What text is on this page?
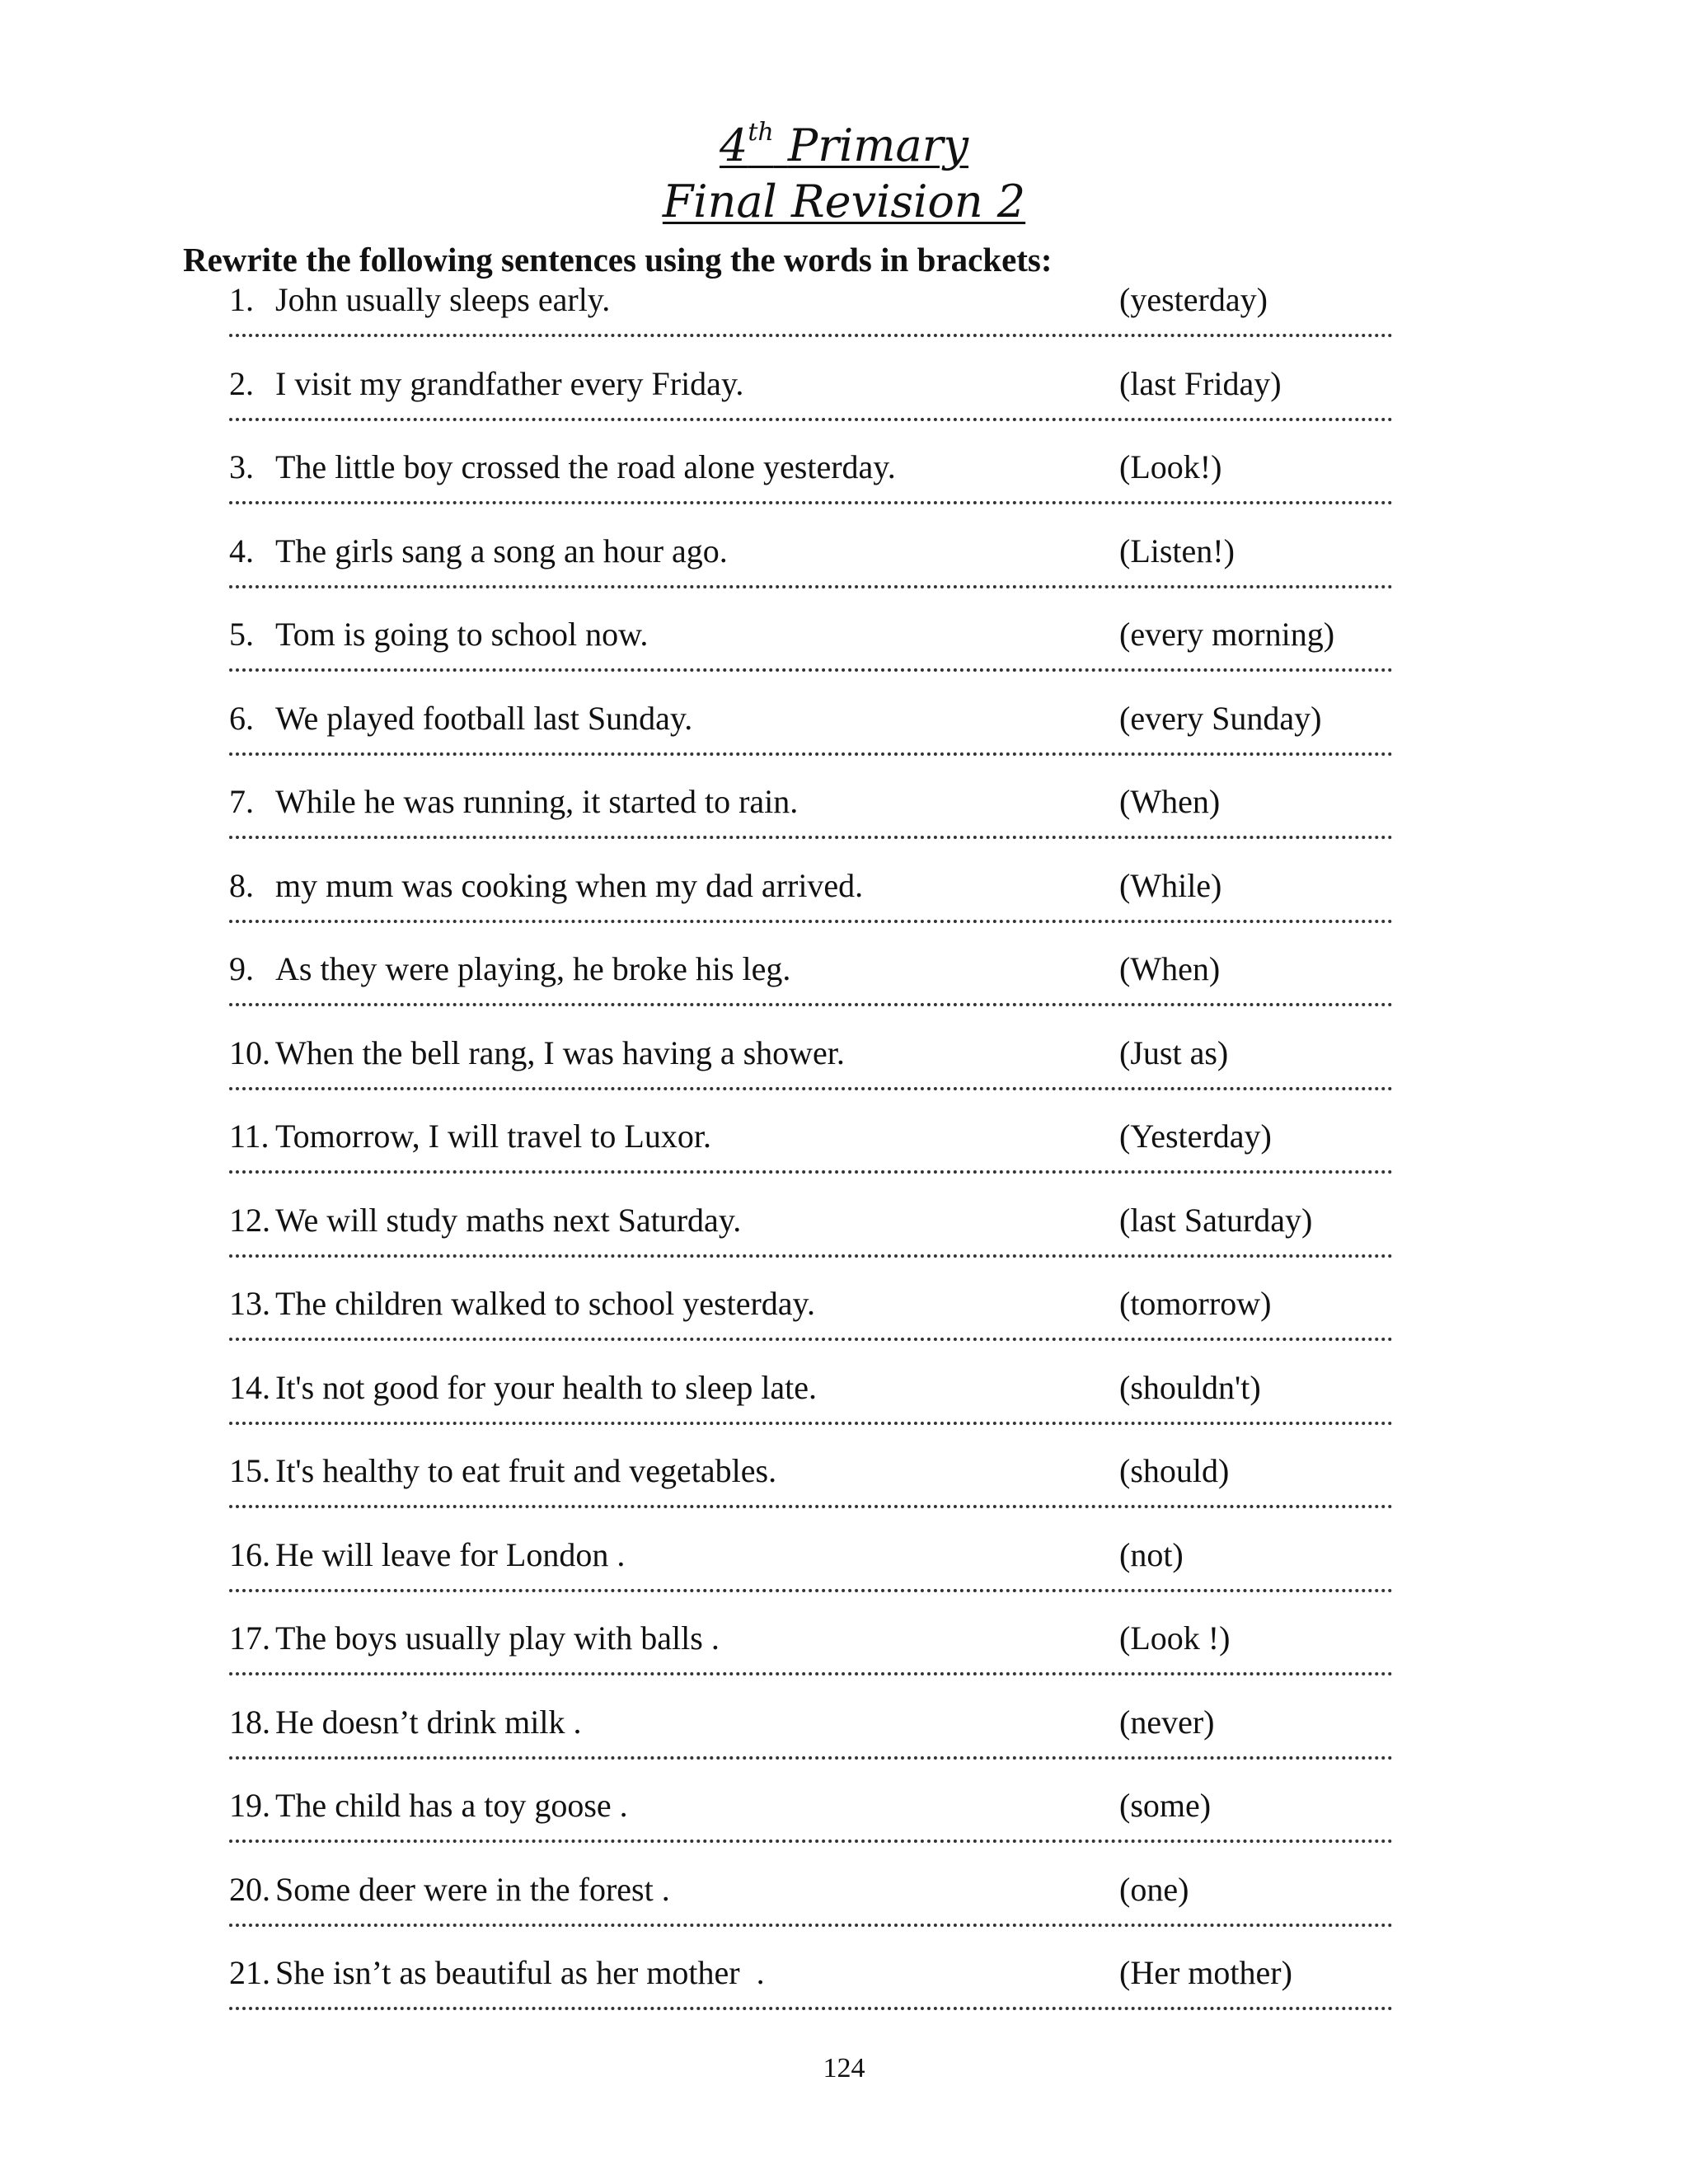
4th Primary
Final Revision 2
Rewrite the following sentences using the words in brackets:
1. John usually sleeps early.	(yesterday)
2. I visit my grandfather every Friday.	(last Friday)
3. The little boy crossed the road alone yesterday.	(Look!)
4. The girls sang a song an hour ago.	(Listen!)
5. Tom is going to school now.	(every morning)
6. We played football last Sunday.	(every Sunday)
7. While he was running, it started to rain.	(When)
8. my mum was cooking when my dad arrived.	(While)
9. As they were playing, he broke his leg.	(When)
10. When the bell rang, I was having a shower.	(Just as)
11. Tomorrow, I will travel to Luxor.	(Yesterday)
12. We will study maths next Saturday.	(last Saturday)
13. The children walked to school yesterday.	(tomorrow)
14. It's not good for your health to sleep late.	(shouldn't)
15. It's healthy to eat fruit and vegetables.	(should)
16. He will leave for London .	(not)
17. The boys usually play with balls .	(Look !)
18. He doesn’t drink milk .	(never)
19. The child has a toy goose .	(some)
20. Some deer were in the forest .	(one)
21. She isn’t as beautiful as her mother  .	(Her mother)
124
